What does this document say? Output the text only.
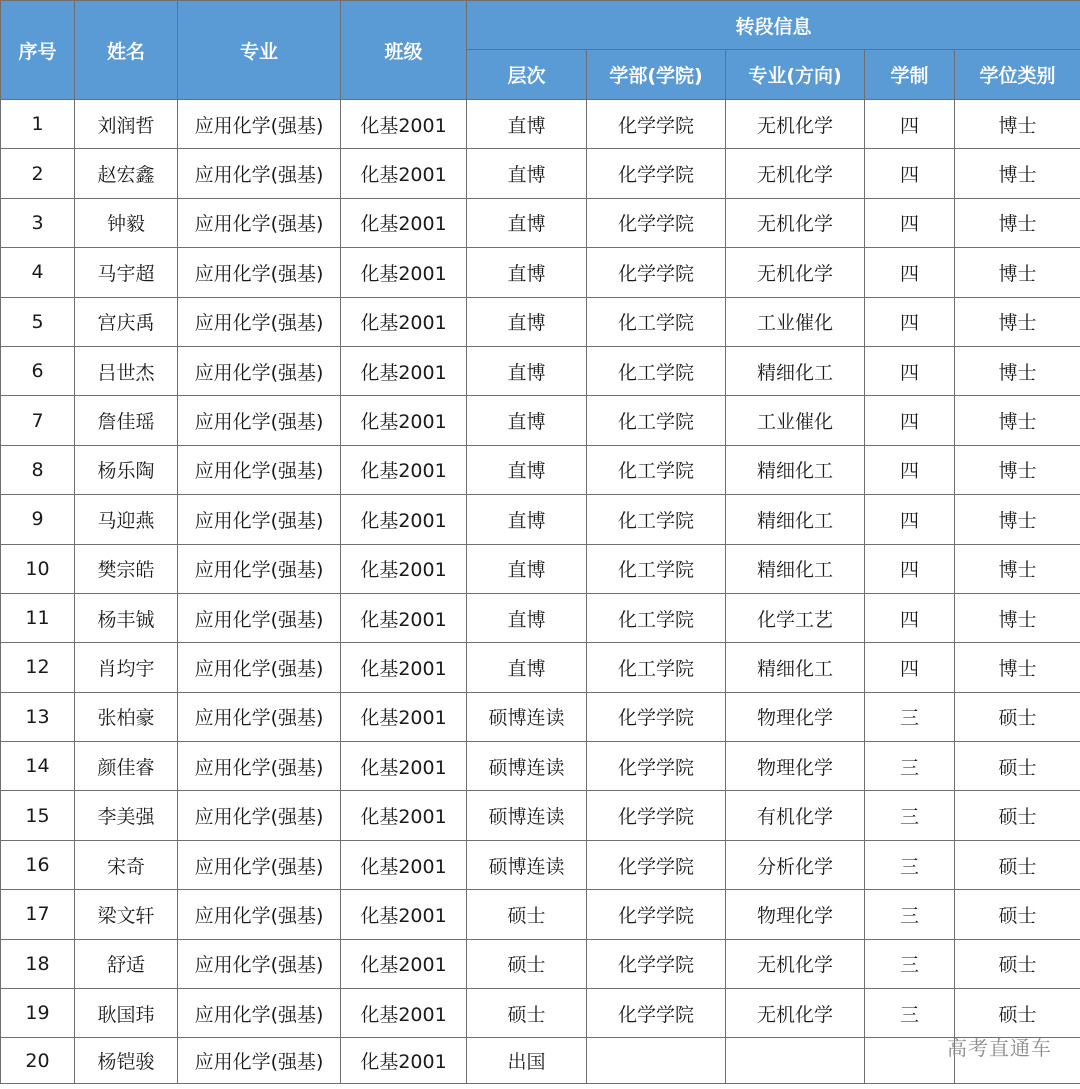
序号	姓名	专业	班级	转段信息				
				层次	学部(学院)	专业(方向)	学制	学位类别
1	刘润哲	应用化学(强基)	化基2001	直博	化学学院	无机化学	四	博士
2	赵宏鑫	应用化学(强基)	化基2001	直博	化学学院	无机化学	四	博士
3	钟毅	应用化学(强基)	化基2001	直博	化学学院	无机化学	四	博士
4	马宇超	应用化学(强基)	化基2001	直博	化学学院	无机化学	四	博士
5	宫庆禹	应用化学(强基)	化基2001	直博	化工学院	工业催化	四	博士
6	吕世杰	应用化学(强基)	化基2001	直博	化工学院	精细化工	四	博士
7	詹佳瑶	应用化学(强基)	化基2001	直博	化工学院	工业催化	四	博士
8	杨乐陶	应用化学(强基)	化基2001	直博	化工学院	精细化工	四	博士
9	马迎燕	应用化学(强基)	化基2001	直博	化工学院	精细化工	四	博士
10	樊宗皓	应用化学(强基)	化基2001	直博	化工学院	精细化工	四	博士
11	杨丰铖	应用化学(强基)	化基2001	直博	化工学院	化学工艺	四	博士
12	肖均宇	应用化学(强基)	化基2001	直博	化工学院	精细化工	四	博士
13	张柏豪	应用化学(强基)	化基2001	硕博连读	化学学院	物理化学	三	硕士
14	颜佳睿	应用化学(强基)	化基2001	硕博连读	化学学院	物理化学	三	硕士
15	李美强	应用化学(强基)	化基2001	硕博连读	化学学院	有机化学	三	硕士
16	宋奇	应用化学(强基)	化基2001	硕博连读	化学学院	分析化学	三	硕士
17	梁文轩	应用化学(强基)	化基2001	硕士	化学学院	物理化学	三	硕士
18	舒适	应用化学(强基)	化基2001	硕士	化学学院	无机化学	三	硕士
19	耿国玮	应用化学(强基)	化基2001	硕士	化学学院	无机化学	三	硕士
20	杨铠骏	应用化学(强基)	化基2001	出国				
高考直通车
